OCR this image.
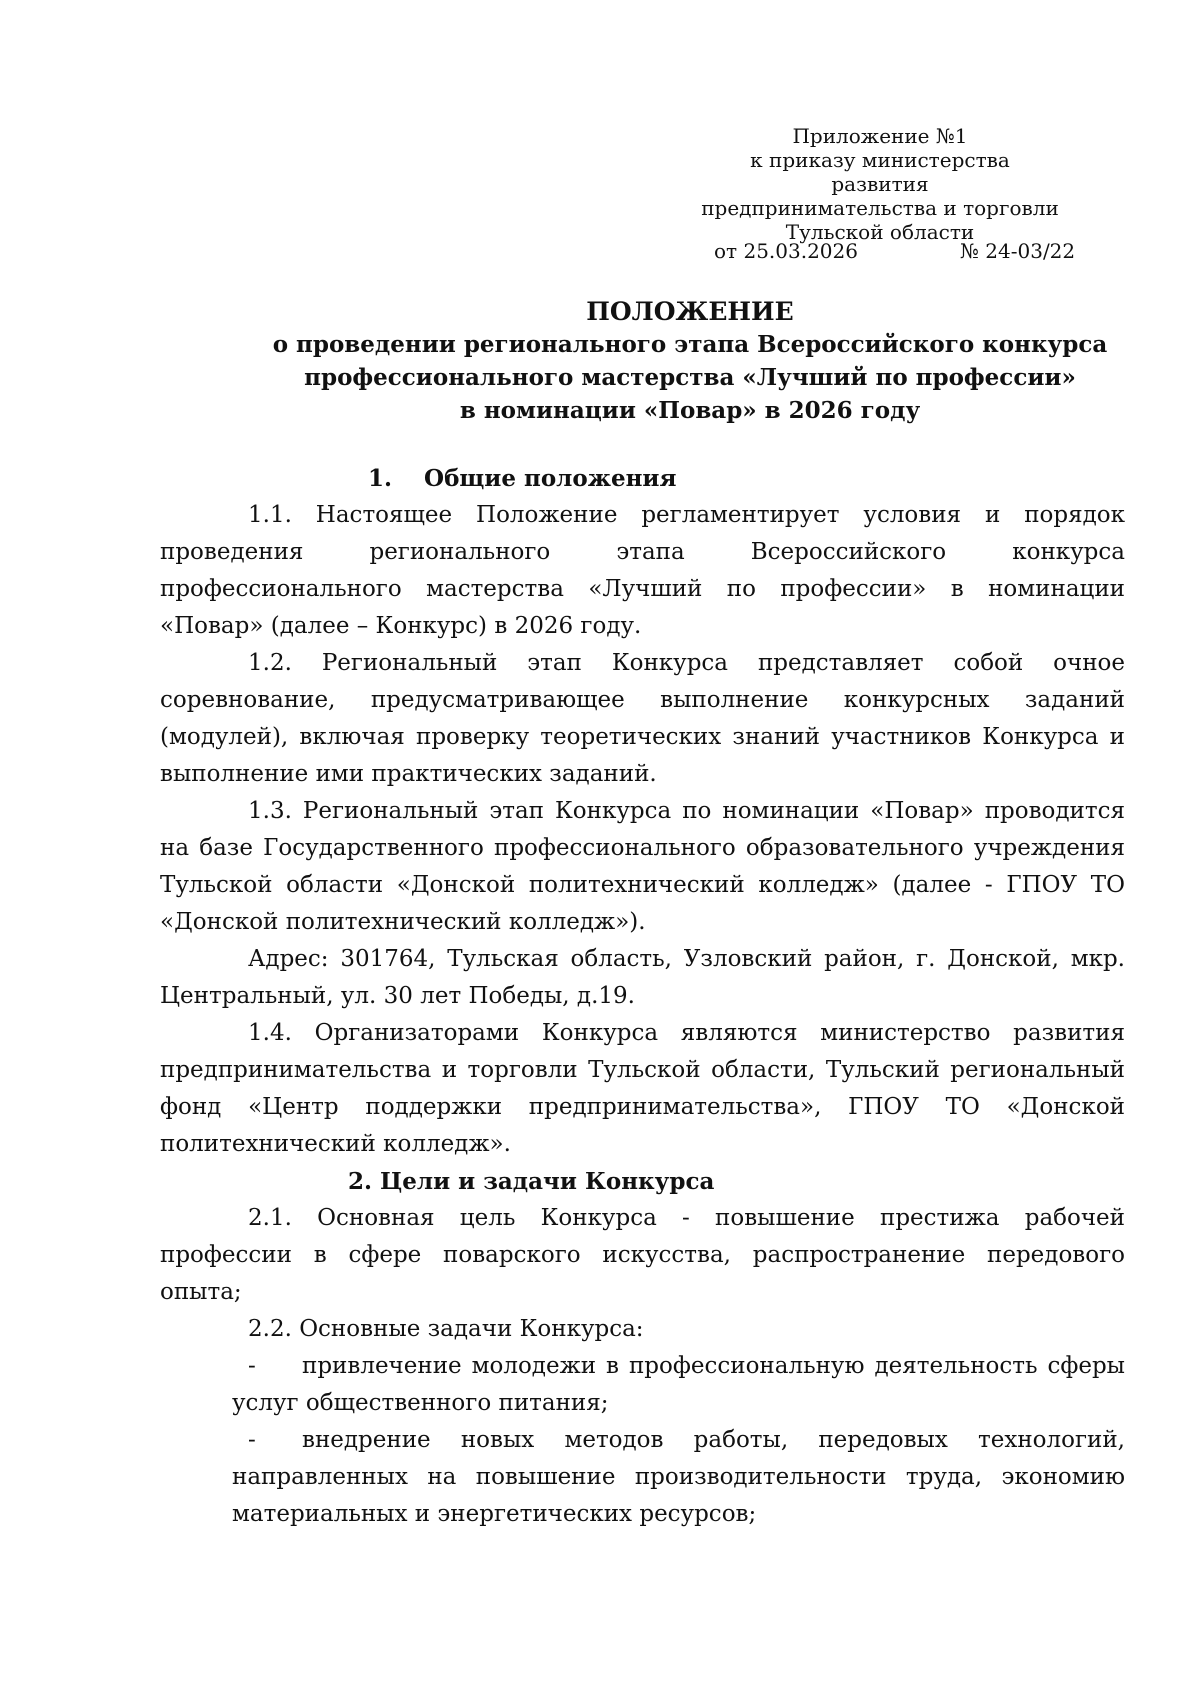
Приложение №1
к приказу министерства развития
предпринимательства и торговли
Тульской области
от 25.03.2026	№ 24-03/22
ПОЛОЖЕНИЕ
о проведении регионального этапа Всероссийского конкурса
профессионального мастерства «Лучший по профессии»
в номинации «Повар» в 2026 году

1.    Общие положения

1.1. Настоящее Положение регламентирует условия и порядок проведения регионального этапа Всероссийского конкурса профессионального мастерства «Лучший по профессии» в номинации «Повар» (далее – Конкурс) в 2026 году.

1.2. Региональный этап Конкурса представляет собой очное соревнование, предусматривающее выполнение конкурсных заданий (модулей), включая проверку теоретических знаний участников Конкурса и выполнение ими практических заданий.

1.3. Региональный этап Конкурса по номинации «Повар» проводится на базе Государственного профессионального образовательного учреждения Тульской области «Донской политехнический колледж» (далее - ГПОУ ТО «Донской политехнический колледж»).

Адрес: 301764, Тульская область, Узловский район, г. Донской, мкр. Центральный, ул. 30 лет Победы, д.19.

1.4. Организаторами Конкурса являются министерство развития предпринимательства и торговли Тульской области, Тульский региональный фонд «Центр поддержки предпринимательства», ГПОУ ТО «Донской политехнический колледж».

2. Цели и задачи Конкурса

2.1. Основная цель Конкурса - повышение престижа рабочей профессии в сфере поварского искусства, распространение передового опыта;

2.2. Основные задачи Конкурса:

-	привлечение молодежи в профессиональную деятельность сферы услуг общественного питания;

-	внедрение новых методов работы, передовых технологий, направленных на повышение производительности труда, экономию материальных и энергетических ресурсов;
